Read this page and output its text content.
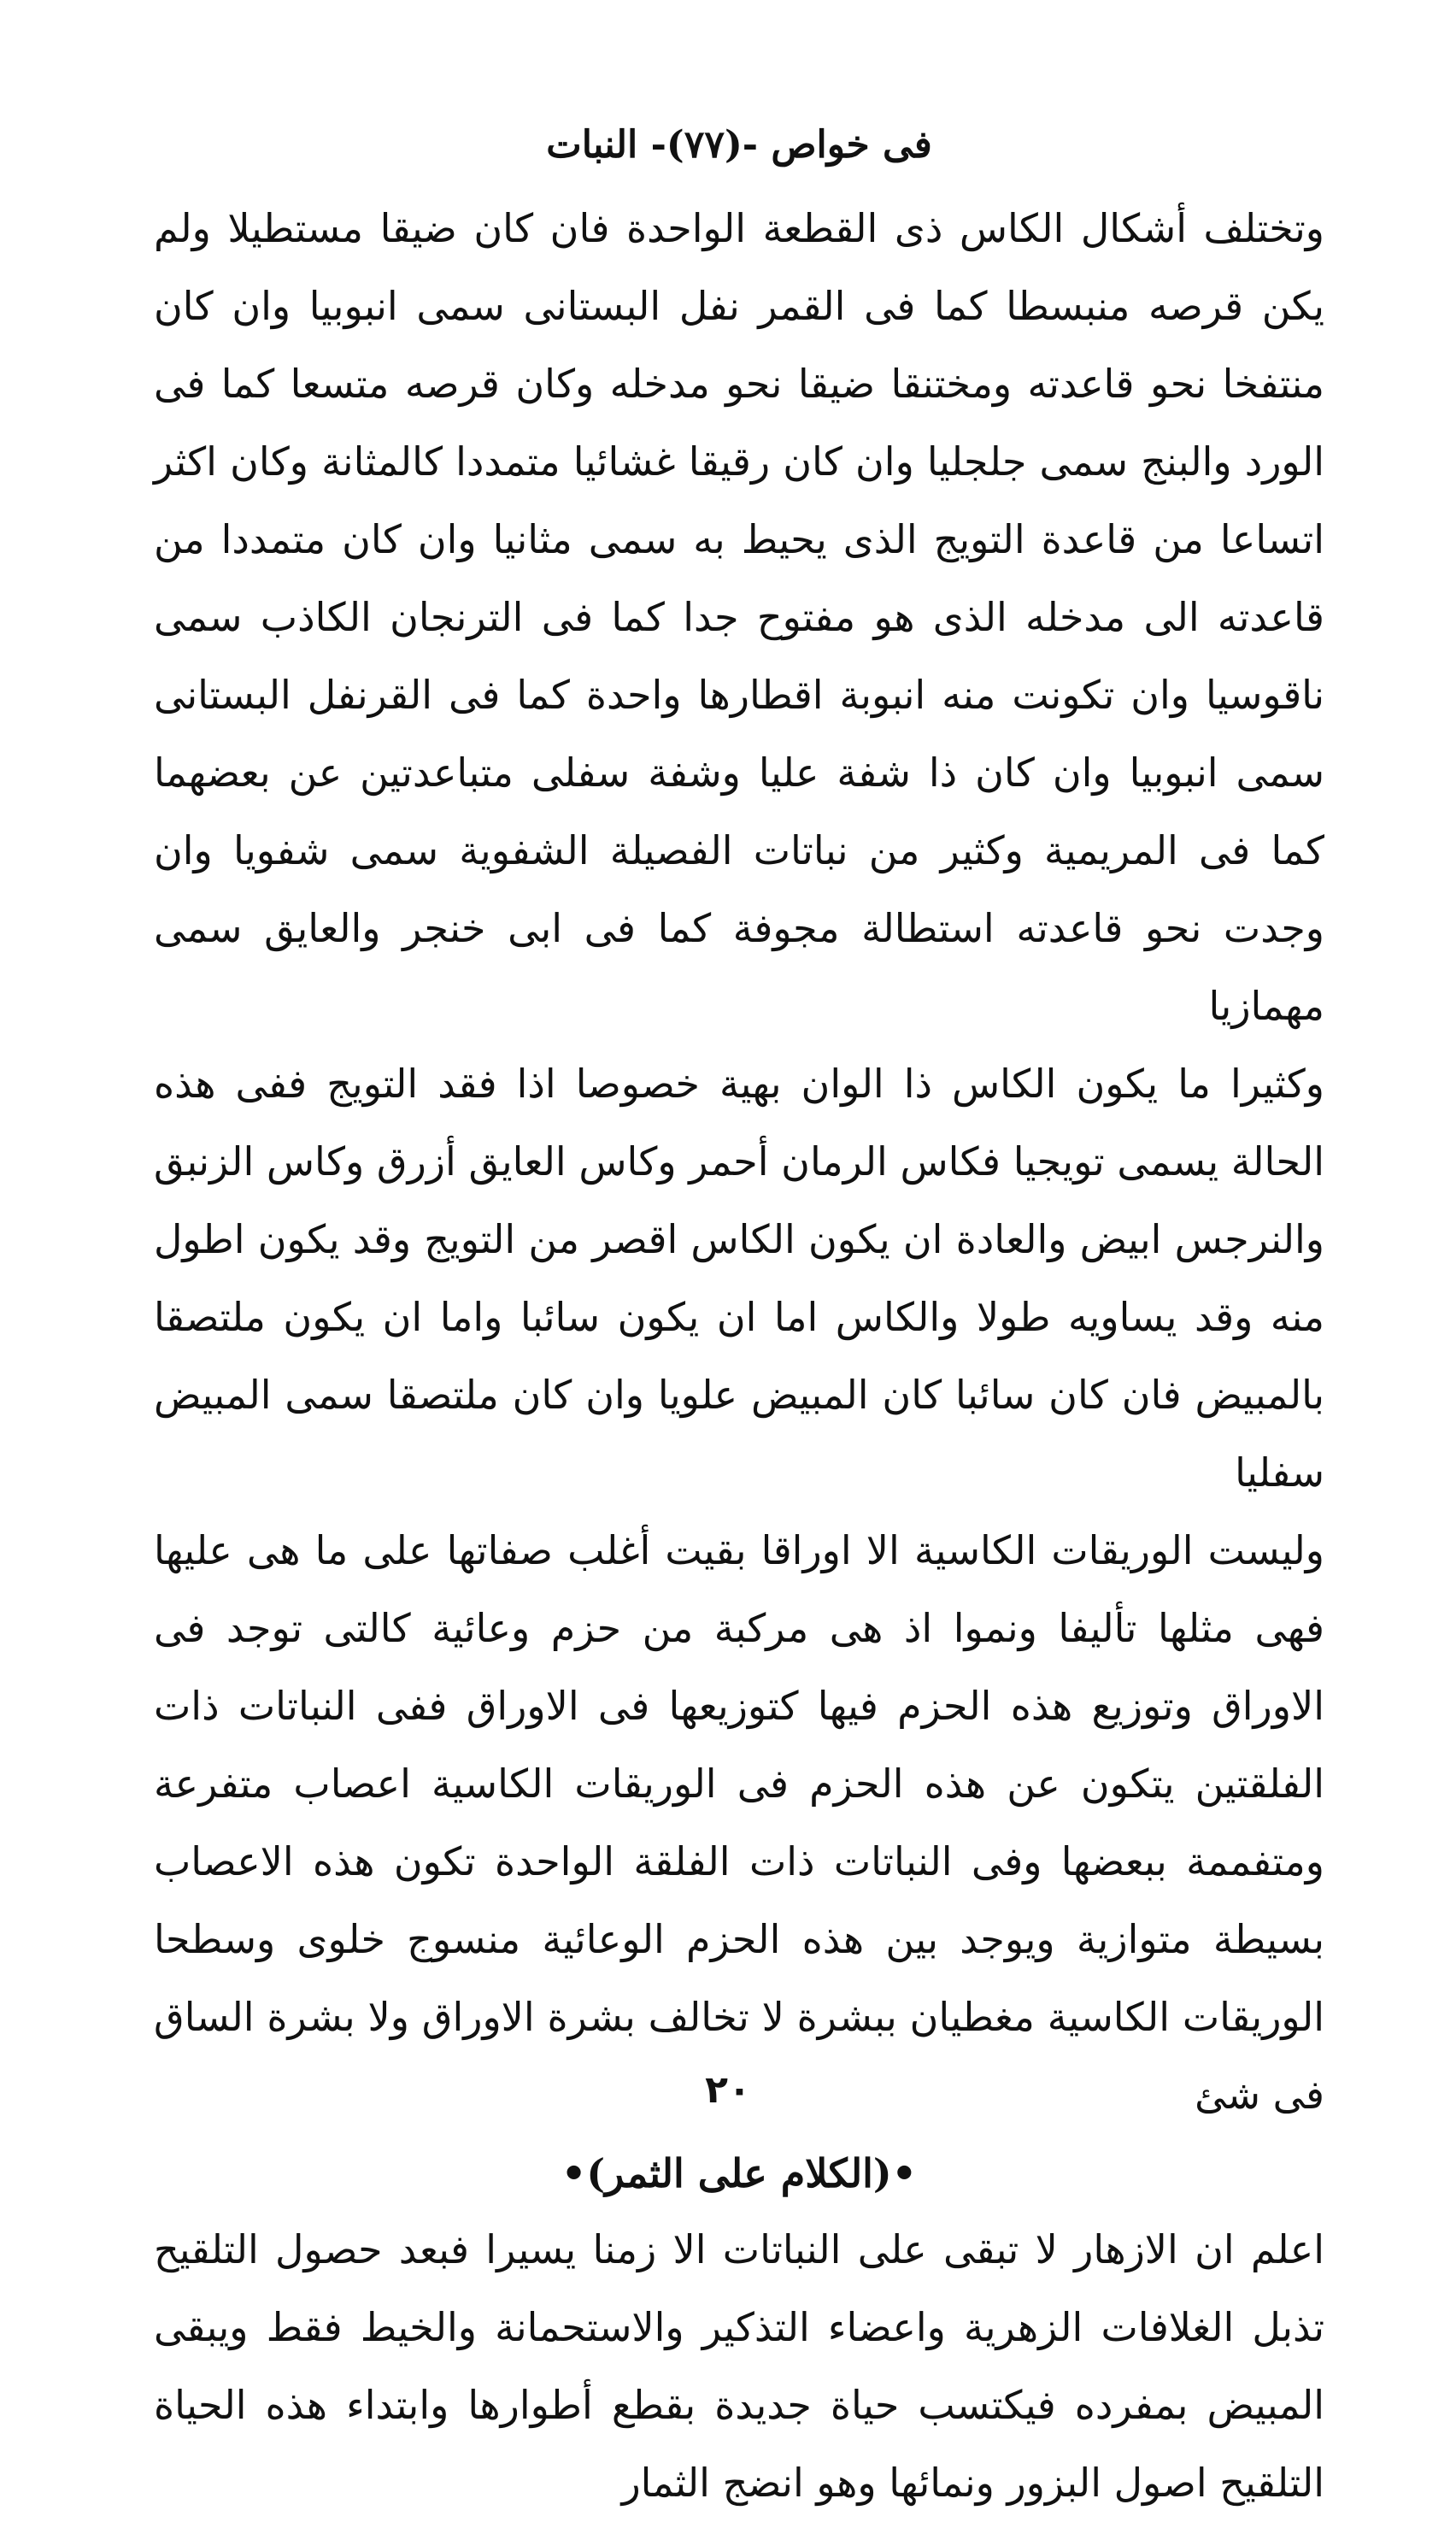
فى خواص -(٧٧)- النبات

وتختلف أشكال الكاس ذى القطعة الواحدة فان كان ضيقا مستطيلا ولم يكن قرصه منبسطا كما فى القمر نفل البستانى سمى انبوبيا وان كان منتفخا نحو قاعدته ومختنقا ضيقا نحو مدخله وكان قرصه متسعا كما فى الورد والبنج سمى جلجليا وان كان رقيقا غشائيا متمددا كالمثانة وكان اكثر اتساعا من قاعدة التويج الذى يحيط به سمى مثانيا وان كان متمددا من قاعدته الى مدخله الذى هو مفتوح جدا كما فى الترنجان الكاذب سمى ناقوسيا وان تكونت منه انبوبة اقطارها واحدة كما فى القرنفل البستانى سمى انبوبيا وان كان ذا شفة عليا وشفة سفلى متباعدتين عن بعضهما كما فى المريمية وكثير من نباتات الفصيلة الشفوية سمى شفويا وان وجدت نحو قاعدته استطالة مجوفة كما فى ابى خنجر والعايق سمى مهمازيا

وكثيرا ما يكون الكاس ذا الوان بهية خصوصا اذا فقد التويج ففى هذه الحالة يسمى تويجيا فكاس الرمان أحمر وكاس العايق أزرق وكاس الزنبق والنرجس ابيض والعادة ان يكون الكاس اقصر من التويج وقد يكون اطول منه وقد يساويه طولا والكاس اما ان يكون سائبا واما ان يكون ملتصقا بالمبيض فان كان سائبا كان المبيض علويا وان كان ملتصقا سمى المبيض سفليا

وليست الوريقات الكاسية الا اوراقا بقيت أغلب صفاتها على ما هى عليها فهى مثلها تأليفا ونموا اذ هى مركبة من حزم وعائية كالتى توجد فى الاوراق وتوزيع هذه الحزم فيها كتوزيعها فى الاوراق ففى النباتات ذات الفلقتين يتكون عن هذه الحزم فى الوريقات الكاسية اعصاب متفرعة ومتفممة ببعضها وفى النباتات ذات الفلقة الواحدة تكون هذه الاعصاب بسيطة متوازية ويوجد بين هذه الحزم الوعائية منسوج خلوى وسطحا الوريقات الكاسية مغطيان ببشرة لا تخالف بشرة الاوراق ولا بشرة الساق فى شئ

•(الكلام على الثمر)•

اعلم ان الازهار لا تبقى على النباتات الا زمنا يسيرا فبعد حصول التلقيح تذبل الغلافات الزهرية واعضاء التذكير والاستحمانة والخيط فقط ويبقى المبيض بمفرده فيكتسب حياة جديدة بقطع أطوارها وابتداء هذه الحياة التلقيح اصول البزور ونمائها وهو انضج الثمار

٢٠
